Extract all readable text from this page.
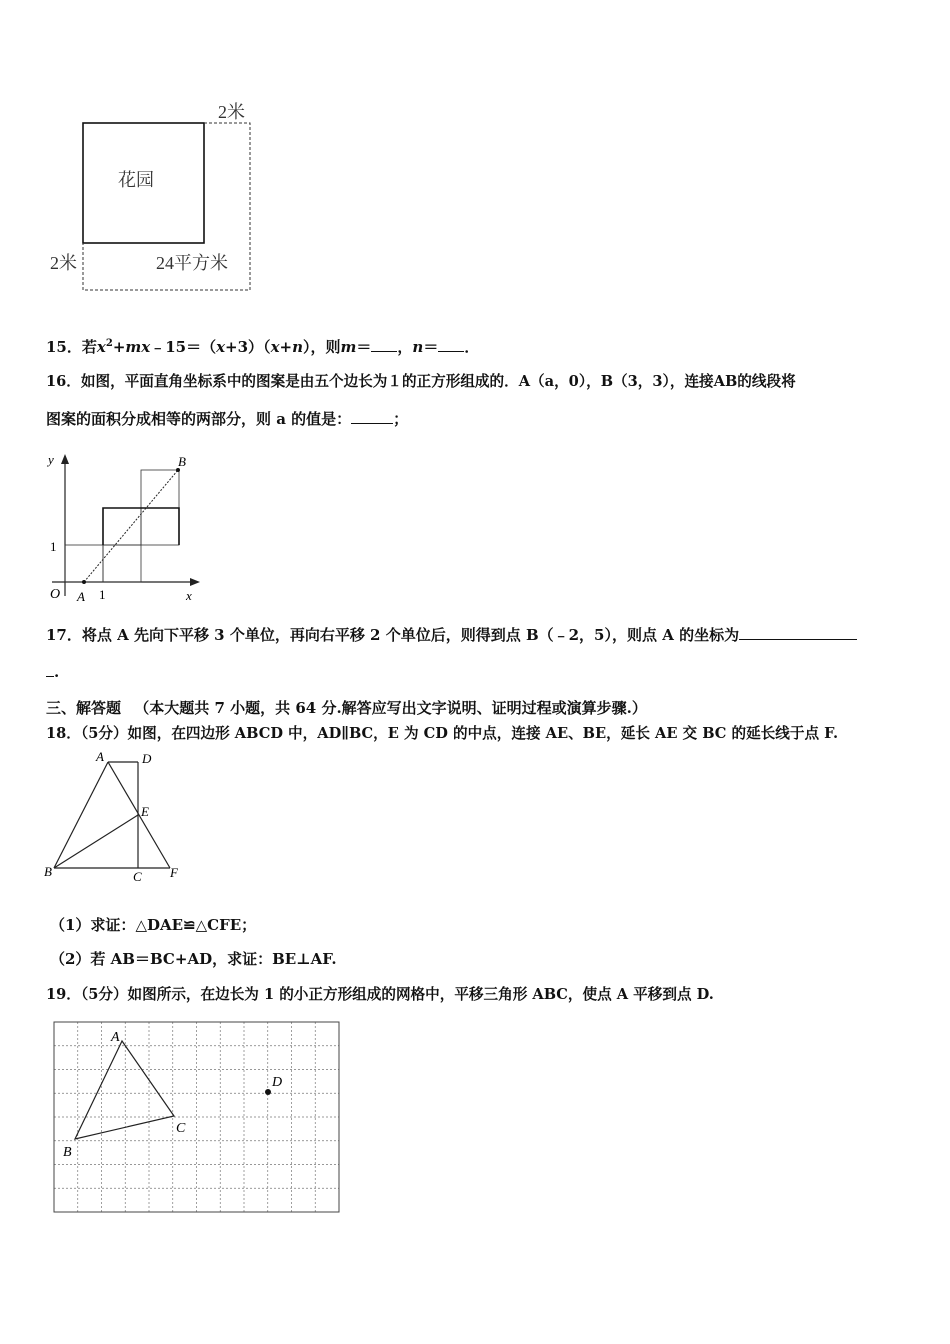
2米
花园
2米	24平方米
15．若$x^2+mx﹣15=(x+3)(x+n)$，则m＝ ，n＝ ．
16．如图，平面直角坐标系中的图案是由五个边长为１的正方形组成的．A（a，0），B（3，3），连接AB的线段将
图案的面积分成相等的两部分，则 a 的值是：	；
y
1
O A 1	x
B
17．将点 A 先向下平移 3 个单位，再向右平移 2 个单位后，则得到点 B（﹣2，5），则点 A 的坐标为
.
三、解答题 （本大题共 7 小题，共 64 分.解答应写出文字说明、证明过程或演算步骤.）
18．（5分）如图，在四边形 ABCD 中，AD∥BC，E 为 CD 的中点，连接 AE、BE，延长 AE 交 BC 的延长线于点 F.
A	D
E
B	C F
（1）求证：△DAE≌△CFE；
（2）若 AB＝BC+AD，求证：BE⊥AF.
19．（5分）如图所示，在边长为 1 的小正方形组成的网格中，平移三角形 ABC，使点 A 平移到点 D.
A
B
C
D
